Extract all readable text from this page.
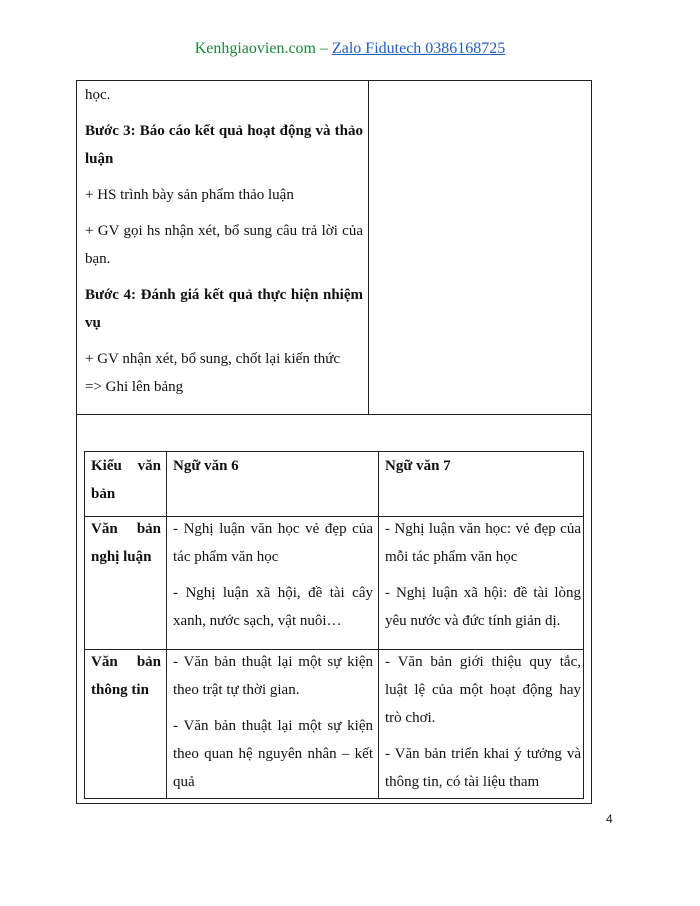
Kenhgiaovien.com – Zalo Fidutech 0386168725

học.

Bước 3: Báo cáo kết quả hoạt động và thảo luận

+ HS trình bày sản phẩm thảo luận

+ GV gọi hs nhận xét, bổ sung câu trả lời của bạn.

Bước 4: Đánh giá kết quả thực hiện nhiệm vụ

+ GV nhận xét, bổ sung, chốt lại kiến thức

=> Ghi lên bảng

Kiểu văn bản

Ngữ văn 6	Ngữ văn 7

Văn bản nghị luận

- Nghị luận văn học vẻ đẹp của tác phẩm văn học

- Nghị luận xã hội, đề tài cây xanh, nước sạch, vật nuôi…

- Nghị luận văn học: vẻ đẹp của mỗi tác phẩm văn học

- Nghị luận xã hội: đề tài lòng yêu nước và đức tính giản dị.

Văn bản thông tin

- Văn bản thuật lại một sự kiện theo trật tự thời gian.

- Văn bản thuật lại một sự kiện theo quan hệ nguyên nhân – kết quả

- Văn bản giới thiệu quy tắc, luật lệ của một hoạt động hay trò chơi.

- Văn bản triển khai ý tưởng và thông tin, có tài liệu tham

4
